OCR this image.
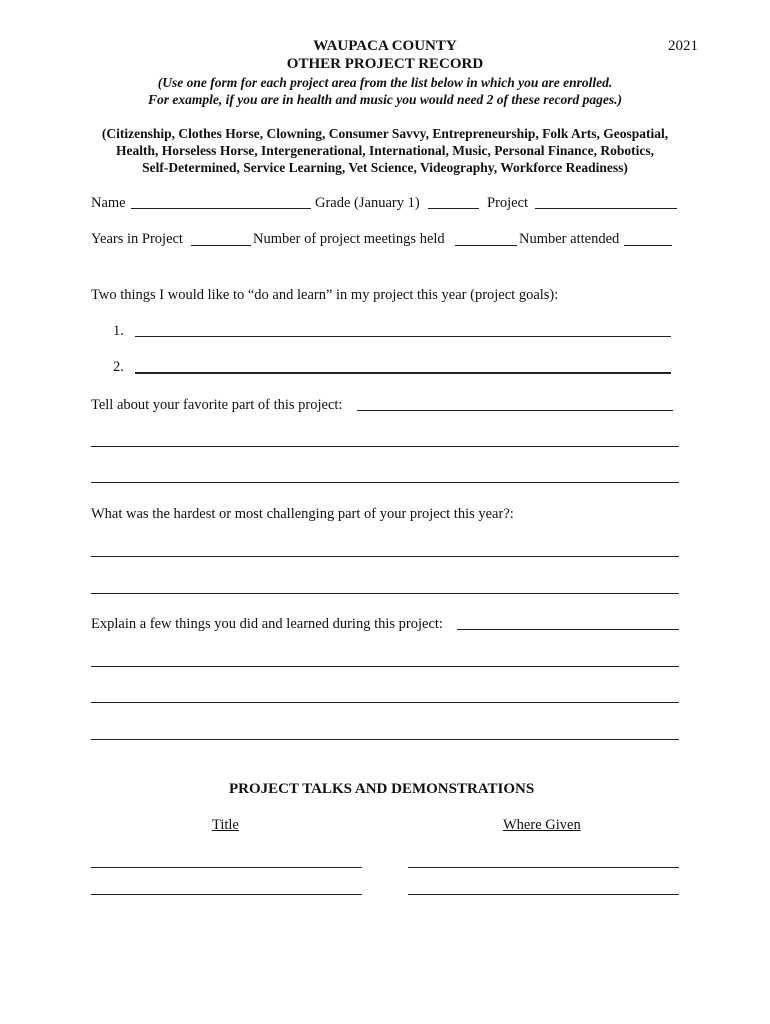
WAUPACA COUNTY	2021
OTHER PROJECT RECORD
(Use one form for each project area from the list below in which you are enrolled.
For example, if you are in health and music you would need 2 of these record pages.)
(Citizenship, Clothes Horse, Clowning, Consumer Savvy, Entrepreneurship, Folk Arts, Geospatial,
Health, Horseless Horse, Intergenerational, International, Music, Personal Finance, Robotics,
Self-Determined, Service Learning, Vet Science, Videography, Workforce Readiness)
Name	Grade (January 1)	Project
Years in Project	Number of project meetings held	Number attended
Two things I would like to “do and learn” in my project this year (project goals):
1.
2.
Tell about your favorite part of this project:
What was the hardest or most challenging part of your project this year?:
Explain a few things you did and learned during this project:
PROJECT TALKS AND DEMONSTRATIONS
Title	Where Given
